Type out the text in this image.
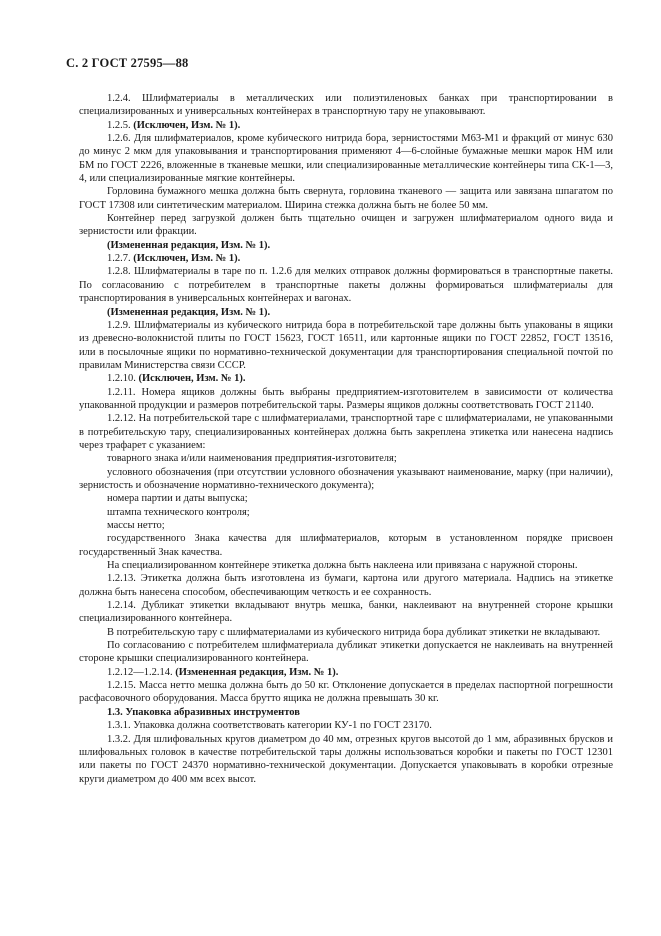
С. 2 ГОСТ 27595—88

1.2.4. Шлифматериалы в металлических или полиэтиленовых банках при транспортировании в специализированных и универсальных контейнерах в транспортную тару не упаковывают.

1.2.5. (Исключен, Изм. № 1).

1.2.6. Для шлифматериалов, кроме кубического нитрида бора, зернистостями М63-М1 и фракций от минус 630 до минус 2 мкм для упаковывания и транспортирования применяют 4—6-слойные бумажные мешки марок НМ или БМ по ГОСТ 2226, вложенные в тканевые мешки, или специализированные металлические контейнеры типа СК-1—3, 4, или специализированные мягкие контейнеры.

Горловина бумажного мешка должна быть свернута, горловина тканевого — защита или завязана шпагатом по ГОСТ 17308 или синтетическим материалом. Ширина стежка должна быть не более 50 мм.

Контейнер перед загрузкой должен быть тщательно очищен и загружен шлифматериалом одного вида и зернистости или фракции.

(Измененная редакция, Изм. № 1).

1.2.7. (Исключен, Изм. № 1).

1.2.8. Шлифматериалы в таре по п. 1.2.6 для мелких отправок должны формироваться в транспортные пакеты. По согласованию с потребителем в транспортные пакеты должны формироваться шлифматериалы для транспортирования в универсальных контейнерах и вагонах.

(Измененная редакция, Изм. № 1).

1.2.9. Шлифматериалы из кубического нитрида бора в потребительской таре должны быть упакованы в ящики из древесно-волокнистой плиты по ГОСТ 15623, ГОСТ 16511, или картонные ящики по ГОСТ 22852, ГОСТ 13516, или в посылочные ящики по нормативно-технической документации для транспортирования специальной почтой по правилам Министерства связи СССР.

1.2.10. (Исключен, Изм. № 1).

1.2.11. Номера ящиков должны быть выбраны предприятием-изготовителем в зависимости от количества упакованной продукции и размеров потребительской тары. Размеры ящиков должны соответствовать ГОСТ 21140.

1.2.12. На потребительской таре с шлифматериалами, транспортной таре с шлифматериалами, не упакованными в потребительскую тару, специализированных контейнерах должна быть закреплена этикетка или нанесена надпись через трафарет с указанием:

товарного знака и/или наименования предприятия-изготовителя;

условного обозначения (при отсутствии условного обозначения указывают наименование, марку (при наличии), зернистость и обозначение нормативно-технического документа);

номера партии и даты выпуска;

штампа технического контроля;

массы нетто;

государственного Знака качества для шлифматериалов, которым в установленном порядке присвоен государственный Знак качества.

На специализированном контейнере этикетка должна быть наклеена или привязана с наружной стороны.

1.2.13. Этикетка должна быть изготовлена из бумаги, картона или другого материала. Надпись на этикетке должна быть нанесена способом, обеспечивающим четкость и ее сохранность.

1.2.14. Дубликат этикетки вкладывают внутрь мешка, банки, наклеивают на внутренней стороне крышки специализированного контейнера.

В потребительскую тару с шлифматериалами из кубического нитрида бора дубликат этикетки не вкладывают.

По согласованию с потребителем шлифматериала дубликат этикетки допускается не наклеивать на внутренней стороне крышки специализированного контейнера.

1.2.12—1.2.14. (Измененная редакция, Изм. № 1).

1.2.15. Масса нетто мешка должна быть до 50 кг. Отклонение допускается в пределах паспортной погрешности расфасовочного оборудования. Масса брутто ящика не должна превышать 30 кг.

1.3. Упаковка абразивных инструментов

1.3.1. Упаковка должна соответствовать категории КУ-1 по ГОСТ 23170.

1.3.2. Для шлифовальных кругов диаметром до 40 мм, отрезных кругов высотой до 1 мм, абразивных брусков и шлифовальных головок в качестве потребительской тары должны использоваться коробки и пакеты по ГОСТ 12301 или пакеты по ГОСТ 24370 нормативно-технической документации. Допускается упаковывать в коробки отрезные круги диаметром до 400 мм всех высот.
